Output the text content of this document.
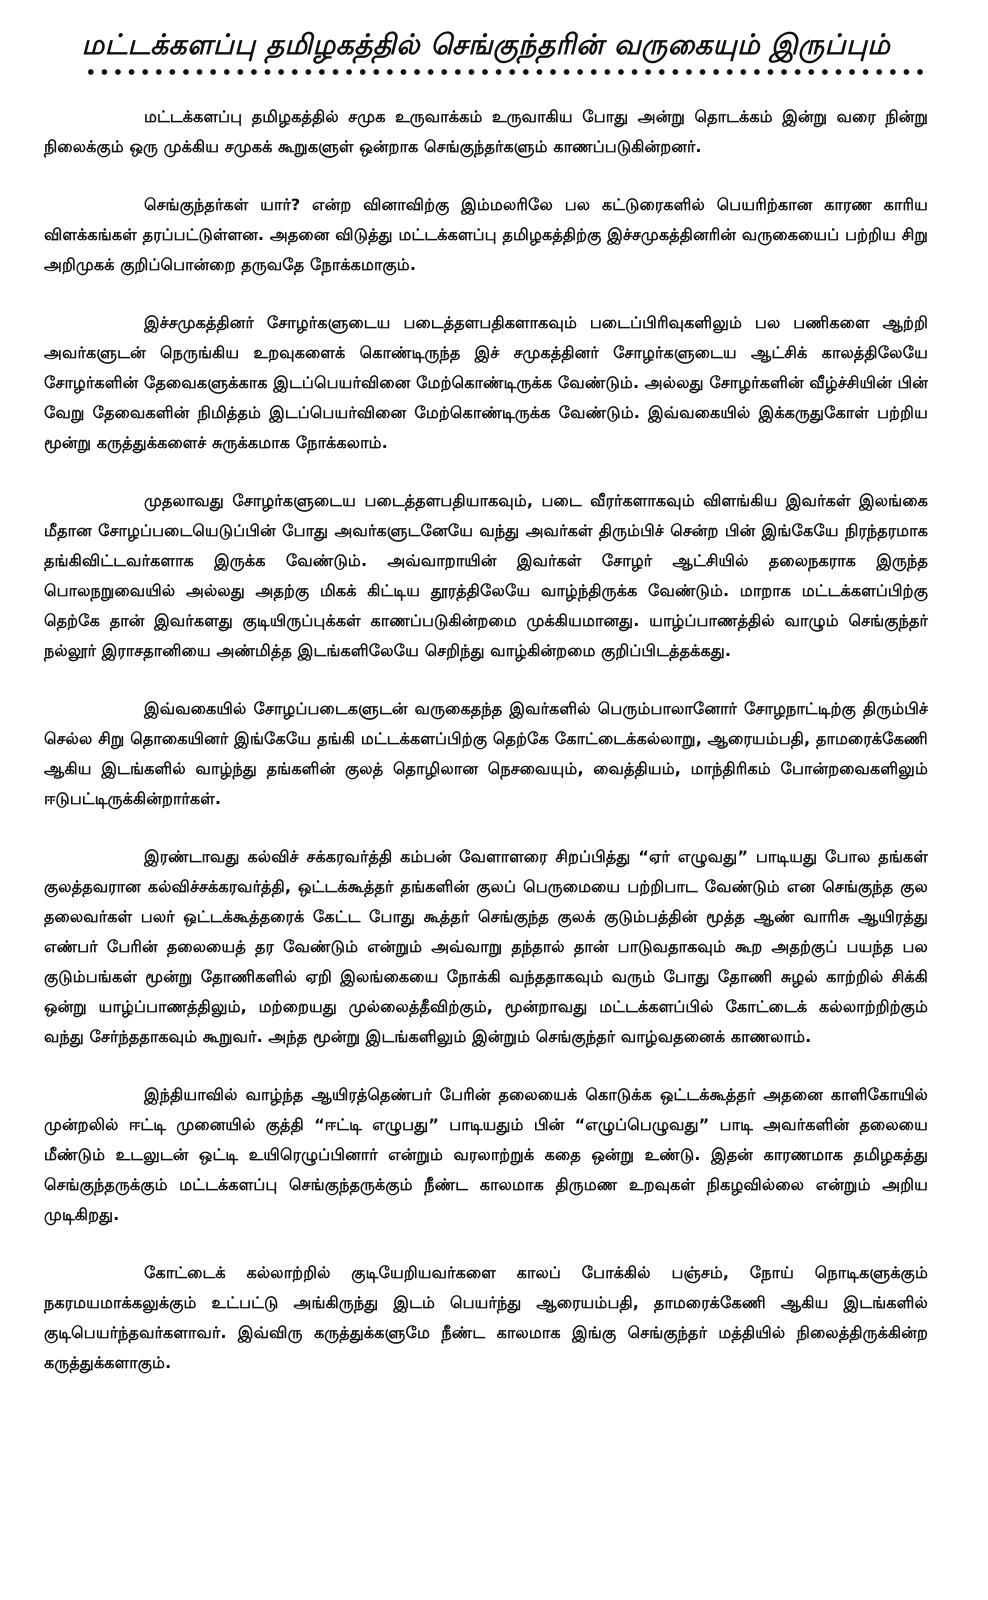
மட்டக்களப்பு தமிழகத்தில் செங்குந்தரின் வருகையும் இருப்பும்

மட்டக்களப்பு தமிழகத்தில் சமுக உருவாக்கம் உருவாகிய போது அன்று தொடக்கம் இன்று வரை நின்று நிலைக்கும் ஒரு முக்கிய சமுகக் கூறுகளுள் ஒன்றாக செங்குந்தர்களும் காணப்படுகின்றனர்.

செங்குந்தர்கள் யார்? என்ற வினாவிற்கு இம்மலரிலே பல கட்டுரைகளில் பெயரிற்கான காரண காரிய விளக்கங்கள் தரப்பட்டுள்ளன. அதனை விடுத்து மட்டக்களப்பு தமிழகத்திற்கு இச்சமுகத்தினரின் வருகையைப் பற்றிய சிறு அறிமுகக் குறிப்பொன்றை தருவதே நோக்கமாகும்.

இச்சமுகத்தினர் சோழர்களுடைய படைத்தளபதிகளாகவும் படைப்பிரிவுகளிலும் பல பணிகளை ஆற்றி அவர்களுடன் நெருங்கிய உறவுகளைக் கொண்டிருந்த இச் சமுகத்தினர் சோழர்களுடைய ஆட்சிக் காலத்திலேயே சோழர்களின் தேவைகளுக்காக இடப்பெயர்வினை மேற்கொண்டிருக்க வேண்டும். அல்லது சோழர்களின் வீழ்ச்சியின் பின் வேறு தேவைகளின் நிமித்தம் இடப்பெயர்வினை மேற்கொண்டிருக்க வேண்டும். இவ்வகையில் இக்கருதுகோள் பற்றிய மூன்று கருத்துக்களைச் சுருக்கமாக நோக்கலாம்.

முதலாவது சோழர்களுடைய படைத்தளபதியாகவும், படை வீரர்களாகவும் விளங்கிய இவர்கள் இலங்கை மீதான சோழப்படையெடுப்பின் போது அவர்களுடனேயே வந்து அவர்கள் திரும்பிச் சென்ற பின் இங்கேயே நிரந்தரமாக தங்கிவிட்டவர்களாக இருக்க வேண்டும். அவ்வாறாயின் இவர்கள் சோழர் ஆட்சியில் தலைநகராக இருந்த பொலநறுவையில் அல்லது அதற்கு மிகக் கிட்டிய தூரத்திலேயே வாழ்ந்திருக்க வேண்டும். மாறாக மட்டக்களப்பிற்கு தெற்கே தான் இவர்களது குடியிருப்புக்கள் காணப்படுகின்றமை முக்கியமானது. யாழ்ப்பாணத்தில் வாழும் செங்குந்தர் நல்லூர் இராசதானியை அண்மித்த இடங்களிலேயே செறிந்து வாழ்கின்றமை குறிப்பிடத்தக்கது.

இவ்வகையில் சோழப்படைகளுடன் வருகைதந்த இவர்களில் பெரும்பாலானோர் சோழநாட்டிற்கு திரும்பிச் செல்ல சிறு தொகையினர் இங்கேயே தங்கி மட்டக்களப்பிற்கு தெற்கே கோட்டைக்கல்லாறு, ஆரையம்பதி, தாமரைக்கேணி ஆகிய இடங்களில் வாழ்ந்து தங்களின் குலத் தொழிலான நெசவையும், வைத்தியம், மாந்திரிகம் போன்றவைகளிலும் ஈடுபட்டிருக்கின்றார்கள்.

இரண்டாவது கல்விச் சக்கரவர்த்தி கம்பன் வேளாளரை சிறப்பித்து “ஏர் எழுவது” பாடியது போல தங்கள் குலத்தவரான கல்விச்சக்கரவர்த்தி, ஒட்டக்கூத்தர் தங்களின் குலப் பெருமையை பற்றிபாட வேண்டும் என செங்குந்த குல தலைவர்கள் பலர் ஒட்டக்கூத்தரைக் கேட்ட போது கூத்தர் செங்குந்த குலக் குடும்பத்தின் மூத்த ஆண் வாரிசு ஆயிரத்து எண்பர் பேரின் தலையைத் தர வேண்டும் என்றும் அவ்வாறு தந்தால் தான் பாடுவதாகவும் கூற அதற்குப் பயந்த பல குடும்பங்கள் மூன்று தோணிகளில் ஏறி இலங்கையை நோக்கி வந்ததாகவும் வரும் போது தோணி சுழல் காற்றில் சிக்கி ஒன்று யாழ்ப்பாணத்திலும், மற்றையது முல்லைத்தீவிற்கும், மூன்றாவது மட்டக்களப்பில் கோட்டைக் கல்லாற்றிற்கும் வந்து சேர்ந்ததாகவும் கூறுவர். அந்த மூன்று இடங்களிலும் இன்றும் செங்குந்தர் வாழ்வதனைக் காணலாம்.

இந்தியாவில் வாழ்ந்த ஆயிரத்தெண்பர் பேரின் தலையைக் கொடுக்க ஒட்டக்கூத்தர் அதனை காளிகோயில் முன்றலில் ஈட்டி முனையில் குத்தி “ஈட்டி எழுபது” பாடியதும் பின் “எழுப்பெழுவது” பாடி அவர்களின் தலையை மீண்டும் உடலுடன் ஒட்டி உயிரெழுப்பினார் என்றும் வரலாற்றுக் கதை ஒன்று உண்டு. இதன் காரணமாக தமிழகத்து செங்குந்தருக்கும் மட்டக்களப்பு செங்குந்தருக்கும் நீண்ட காலமாக திருமண உறவுகள் நிகழவில்லை என்றும் அறிய முடிகிறது.

கோட்டைக் கல்லாற்றில் குடியேறியவர்களை காலப் போக்கில் பஞ்சம், நோய் நொடிகளுக்கும் நகரமயமாக்கலுக்கும் உட்பட்டு அங்கிருந்து இடம் பெயர்ந்து ஆரையம்பதி, தாமரைக்கேணி ஆகிய இடங்களில் குடிபெயர்ந்தவர்களாவர். இவ்விரு கருத்துக்களுமே நீண்ட காலமாக இங்கு செங்குந்தர் மத்தியில் நிலைத்திருக்கின்ற கருத்துக்களாகும்.
